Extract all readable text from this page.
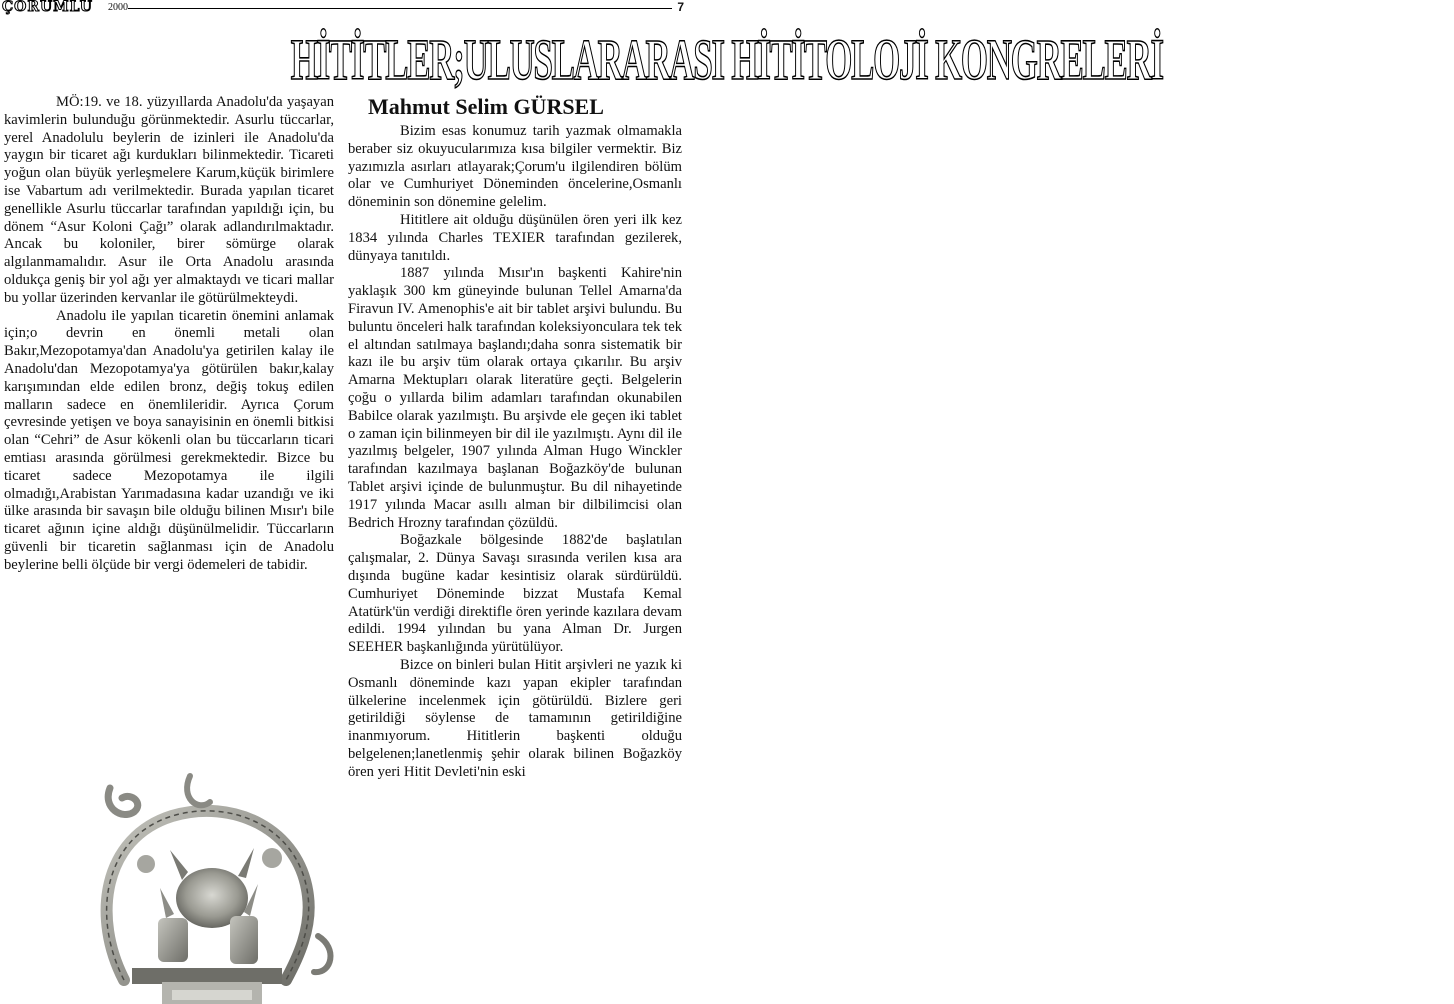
ÇORUMLU 2000	7
HİTİTLER;ULUSLARARASI HİTİTOLOJİ KONGRELERİ
Mahmut Selim GÜRSEL

MÖ:19. ve 18. yüzyıllarda Anadolu'da yaşayan kavimlerin bulunduğu görünmektedir. Asurlu tüccarlar, yerel Anadolulu beylerin de izinleri ile Anadolu'da yaygın bir ticaret ağı kurdukları bilinmektedir. Ticareti yoğun olan büyük yerleşmelere Karum,küçük birimlere ise Vabartum adı verilmektedir. Burada yapılan ticaret genellikle Asurlu tüccarlar tarafından yapıldığı için, bu dönem “Asur Koloni Çağı” olarak adlandırılmaktadır. Ancak bu koloniler, birer sömürge olarak algılanmamalıdır. Asur ile Orta Anadolu arasında oldukça geniş bir yol ağı yer almaktaydı ve ticari mallar bu yollar üzerinden kervanlar ile götürülmekteydi.

Anadolu ile yapılan ticaretin önemini anlamak için;o devrin en önemli metali olan Bakır,Mezopotamya'dan Anadolu'ya getirilen kalay ile Anadolu'dan Mezopotamya'ya götürülen bakır,kalay karışımından elde edilen bronz, değiş tokuş edilen malların sadece en önemlileridir. Ayrıca Çorum çevresinde yetişen ve boya sanayisinin en önemli bitkisi olan “Cehri” de Asur kökenli olan bu tüccarların ticari emtiası arasında görülmesi gerekmektedir. Bizce bu ticaret sadece Mezopotamya ile ilgili olmadığı,Arabistan Yarımadasına kadar uzandığı ve iki ülke arasında bir savaşın bile olduğu bilinen Mısır'ı bile ticaret ağının içine aldığı düşünülmelidir. Tüccarların güvenli bir ticaretin sağlanması için de Anadolu beylerine belli ölçüde bir vergi ödemeleri de tabidir.

Bizim esas konumuz tarih yazmak olmamakla beraber siz okuyucularımıza kısa bilgiler vermektir. Biz yazımızla asırları atlayarak;Çorum'u ilgilendiren bölüm olar ve Cumhuriyet Döneminden öncelerine,Osmanlı döneminin son dönemine gelelim.

Hititlere ait olduğu düşünülen ören yeri ilk kez 1834 yılında Charles TEXIER tarafından gezilerek, dünyaya tanıtıldı.

1887 yılında Mısır'ın başkenti Kahire'nin yaklaşık 300 km güneyinde bulunan Tellel Amarna'da Firavun IV. Amenophis'e ait bir tablet arşivi bulundu. Bu buluntu önceleri halk tarafından koleksiyonculara tek tek el altından satılmaya başlandı;daha sonra sistematik bir kazı ile bu arşiv tüm olarak ortaya çıkarılır. Bu arşiv Amarna Mektupları olarak literatüre geçti. Belgelerin çoğu o yıllarda bilim adamları tarafından okunabilen Babilce olarak yazılmıştı. Bu arşivde ele geçen iki tablet o zaman için bilinmeyen bir dil ile yazılmıştı. Aynı dil ile yazılmış belgeler, 1907 yılında Alman Hugo Winckler tarafından kazılmaya başlanan Boğazköy'de bulunan Tablet arşivi içinde de bulunmuştur. Bu dil nihayetinde 1917 yılında Macar asıllı alman bir dilbilimcisi olan Bedrich Hrozny tarafından çözüldü.

Boğazkale bölgesinde 1882'de başlatılan çalışmalar, 2. Dünya Savaşı sırasında verilen kısa ara dışında bugüne kadar kesintisiz olarak sürdürüldü. Cumhuriyet Döneminde bizzat Mustafa Kemal Atatürk'ün verdiği direktifle ören yerinde kazılara devam edildi. 1994 yılından bu yana Alman Dr. Jurgen SEEHER başkanlığında yürütülüyor.

Bizce on binleri bulan Hitit arşivleri ne yazık ki Osmanlı döneminde kazı yapan ekipler tarafından ülkelerine incelenmek için götürüldü. Bizlere geri getirildiği söylense de tamamının getirildiğine inanmıyorum. Hititlerin başkenti olduğu belgelenen;lanetlenmiş şehir olarak bilinen Boğazköy ören yeri Hitit Devleti'nin eski
